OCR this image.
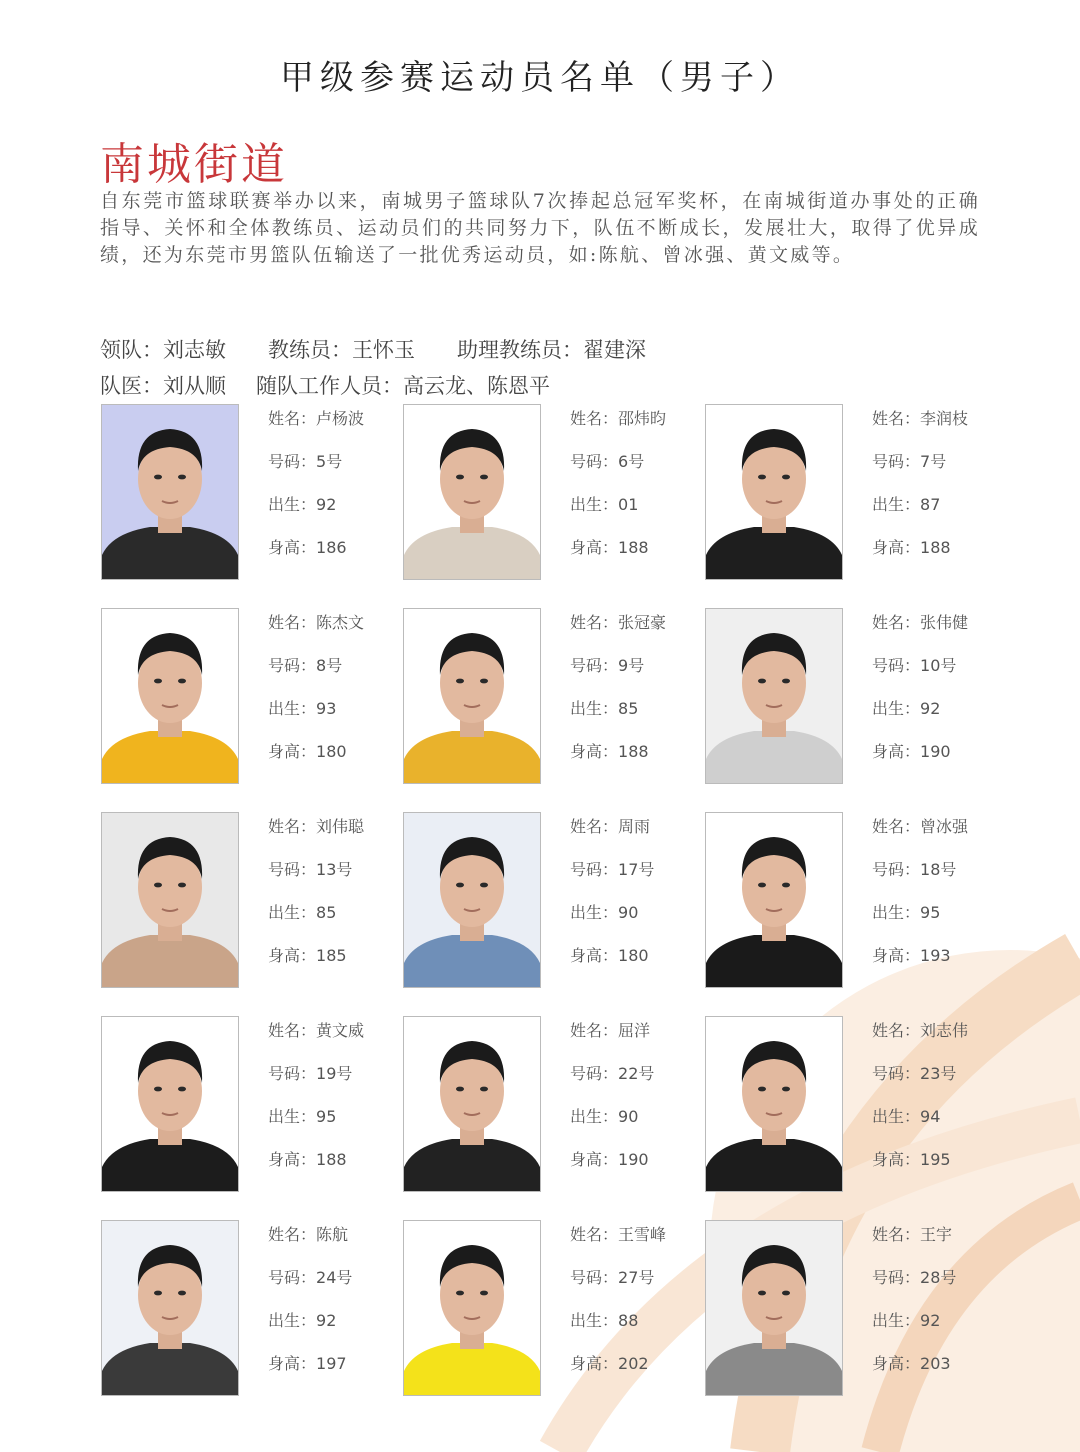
甲级参赛运动员名单（男子）
南城街道
自东莞市篮球联赛举办以来，南城男子篮球队7次捧起总冠军奖杯，在南城街道办事处的正确指导、关怀和全体教练员、运动员们的共同努力下，队伍不断成长，发展壮大，取得了优异成绩，还为东莞市男篮队伍输送了一批优秀运动员，如:陈航、曾冰强、黄文威等。
领队：刘志敏 教练员：王怀玉 助理教练员：翟建深
队医：刘从顺 随队工作人员：高云龙、陈恩平
姓名：卢杨波
号码：5号
出生：92
身高：186
姓名：邵炜昀
号码：6号
出生：01
身高：188
姓名：李润枝
号码：7号
出生：87
身高：188
姓名：陈杰文
号码：8号
出生：93
身高：180
姓名：张冠豪
号码：9号
出生：85
身高：188
姓名：张伟健
号码：10号
出生：92
身高：190
姓名：刘伟聪
号码：13号
出生：85
身高：185
姓名：周雨
号码：17号
出生：90
身高：180
姓名：曾冰强
号码：18号
出生：95
身高：193
姓名：黄文威
号码：19号
出生：95
身高：188
姓名：屈洋
号码：22号
出生：90
身高：190
姓名：刘志伟
号码：23号
出生：94
身高：195
姓名：陈航
号码：24号
出生：92
身高：197
姓名：王雪峰
号码：27号
出生：88
身高：202
姓名：王宇
号码：28号
出生：92
身高：203
